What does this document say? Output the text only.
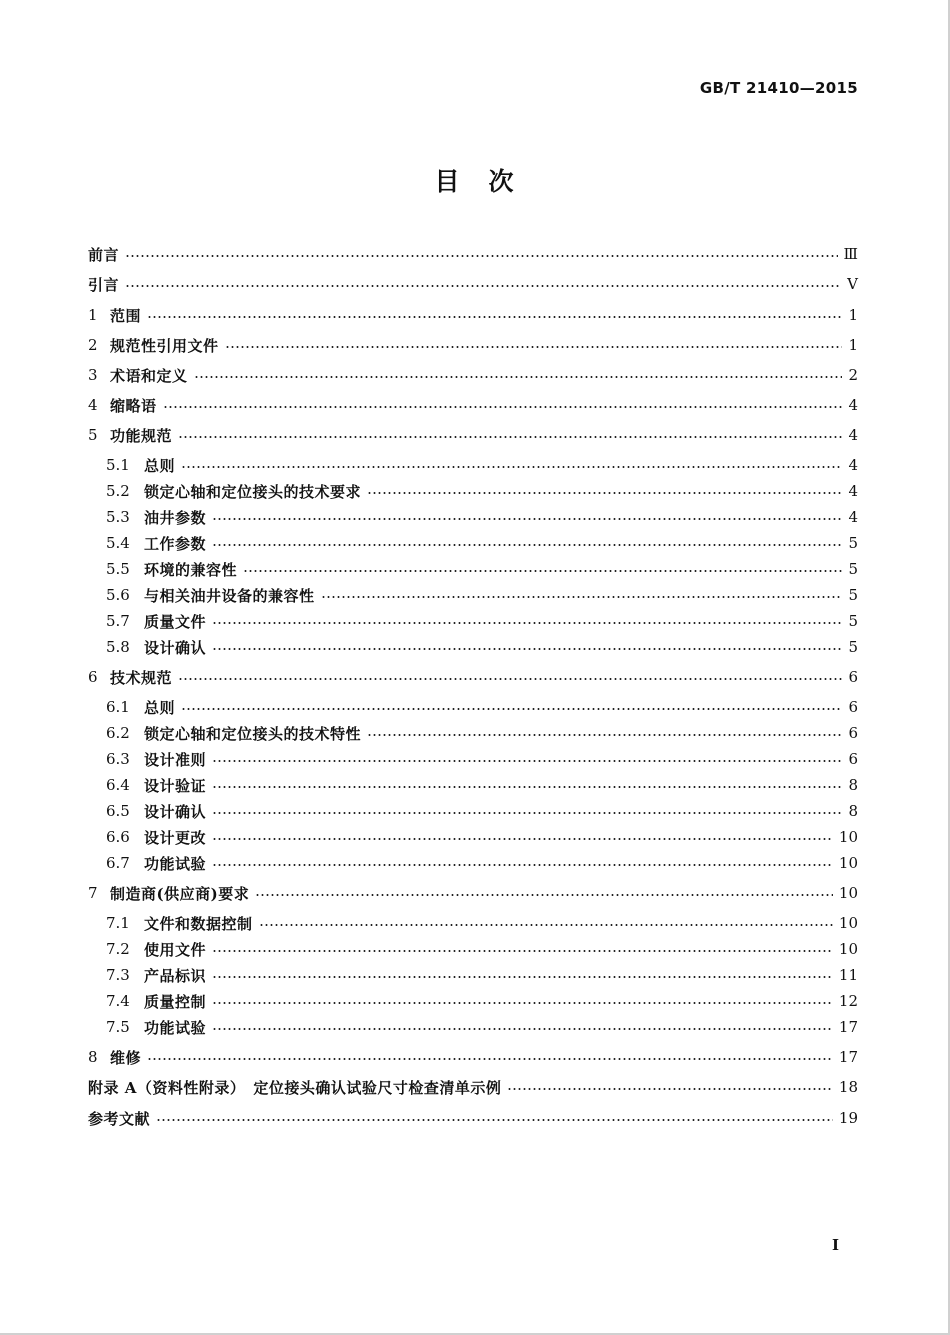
GB/T 21410—2015
目　次
前言	Ⅲ
引言	Ⅴ
1 范围	1
2 规范性引用文件	1
3 术语和定义	2
4 缩略语	4
5 功能规范	4
5.1 总则	4
5.2 锁定心轴和定位接头的技术要求	4
5.3 油井参数	4
5.4 工作参数	5
5.5 环境的兼容性	5
5.6 与相关油井设备的兼容性	5
5.7 质量文件	5
5.8 设计确认	5
6 技术规范	6
6.1 总则	6
6.2 锁定心轴和定位接头的技术特性	6
6.3 设计准则	6
6.4 设计验证	8
6.5 设计确认	8
6.6 设计更改	10
6.7 功能试验	10
7 制造商(供应商)要求	10
7.1 文件和数据控制	10
7.2 使用文件	10
7.3 产品标识	11
7.4 质量控制	12
7.5 功能试验	17
8 维修	17
附录 A（资料性附录）　定位接头确认试验尺寸检查清单示例	18
参考文献	19
Ⅰ
